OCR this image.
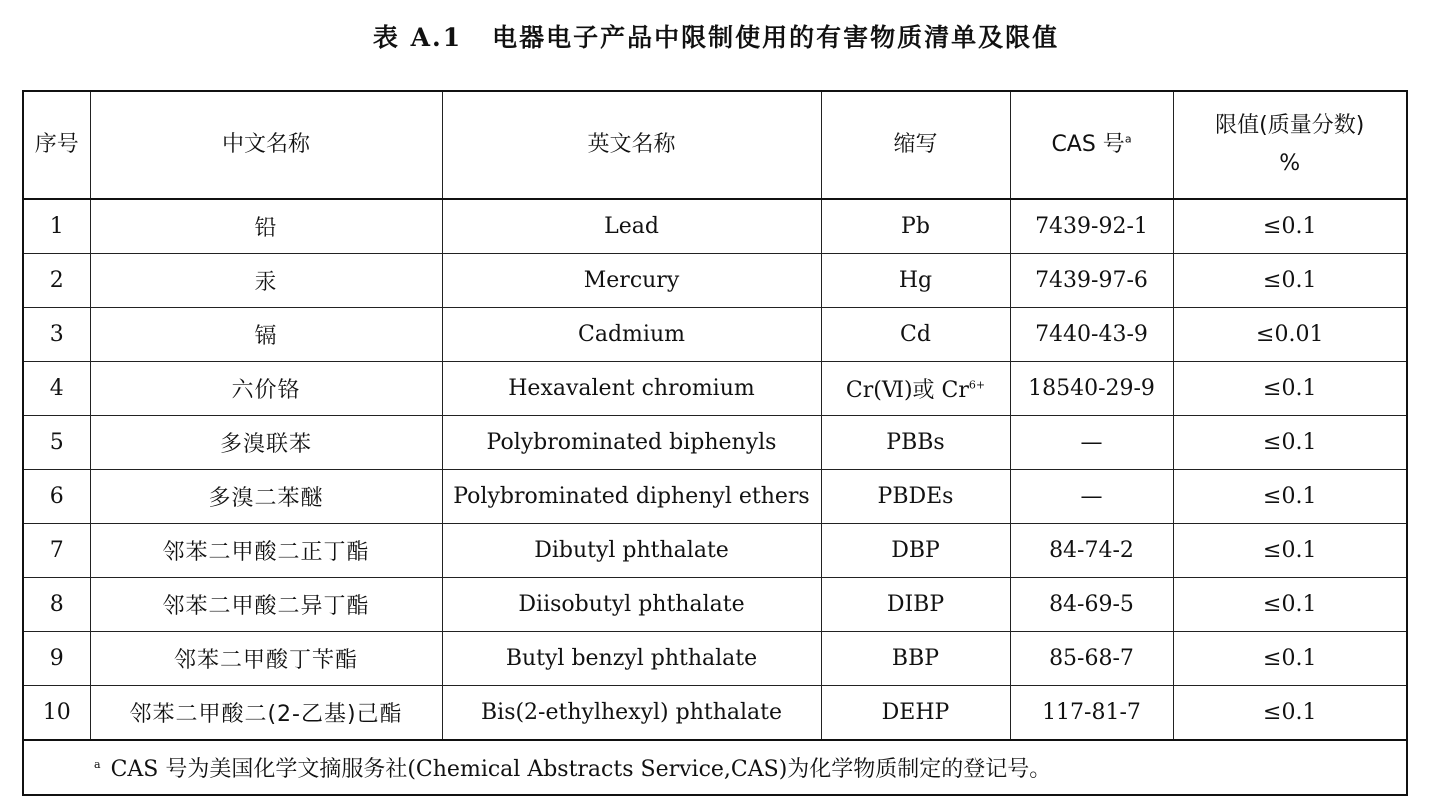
表 A.1 电器电子产品中限制使用的有害物质清单及限值
序号	中文名称	英文名称	缩写	CAS 号$^a$	限值(质量分数)
%
1	铅	Lead	Pb	7439-92-1	≤0.1
2	汞	Mercury	Hg	7439-97-6	≤0.1
3	镉	Cadmium	Cd	7440-43-9	≤0.01
4	六价铬	Hexavalent chromium	Cr(Ⅵ)或 $Cr^{6+}$	18540-29-9	≤0.1
5	多溴联苯	Polybrominated biphenyls	PBBs	—	≤0.1
6	多溴二苯醚	Polybrominated diphenyl ethers	PBDEs	—	≤0.1
7	邻苯二甲酸二正丁酯	Dibutyl phthalate	DBP	84-74-2	≤0.1
8	邻苯二甲酸二异丁酯	Diisobutyl phthalate	DIBP	84-69-5	≤0.1
9	邻苯二甲酸丁苄酯	Butyl benzyl phthalate	BBP	85-68-7	≤0.1
10	邻苯二甲酸二(2-乙基)己酯	Bis(2-ethylhexyl) phthalate	DEHP	117-81-7	≤0.1
$^a$ CAS 号为美国化学文摘服务社(Chemical Abstracts Service,CAS)为化学物质制定的登记号。					
